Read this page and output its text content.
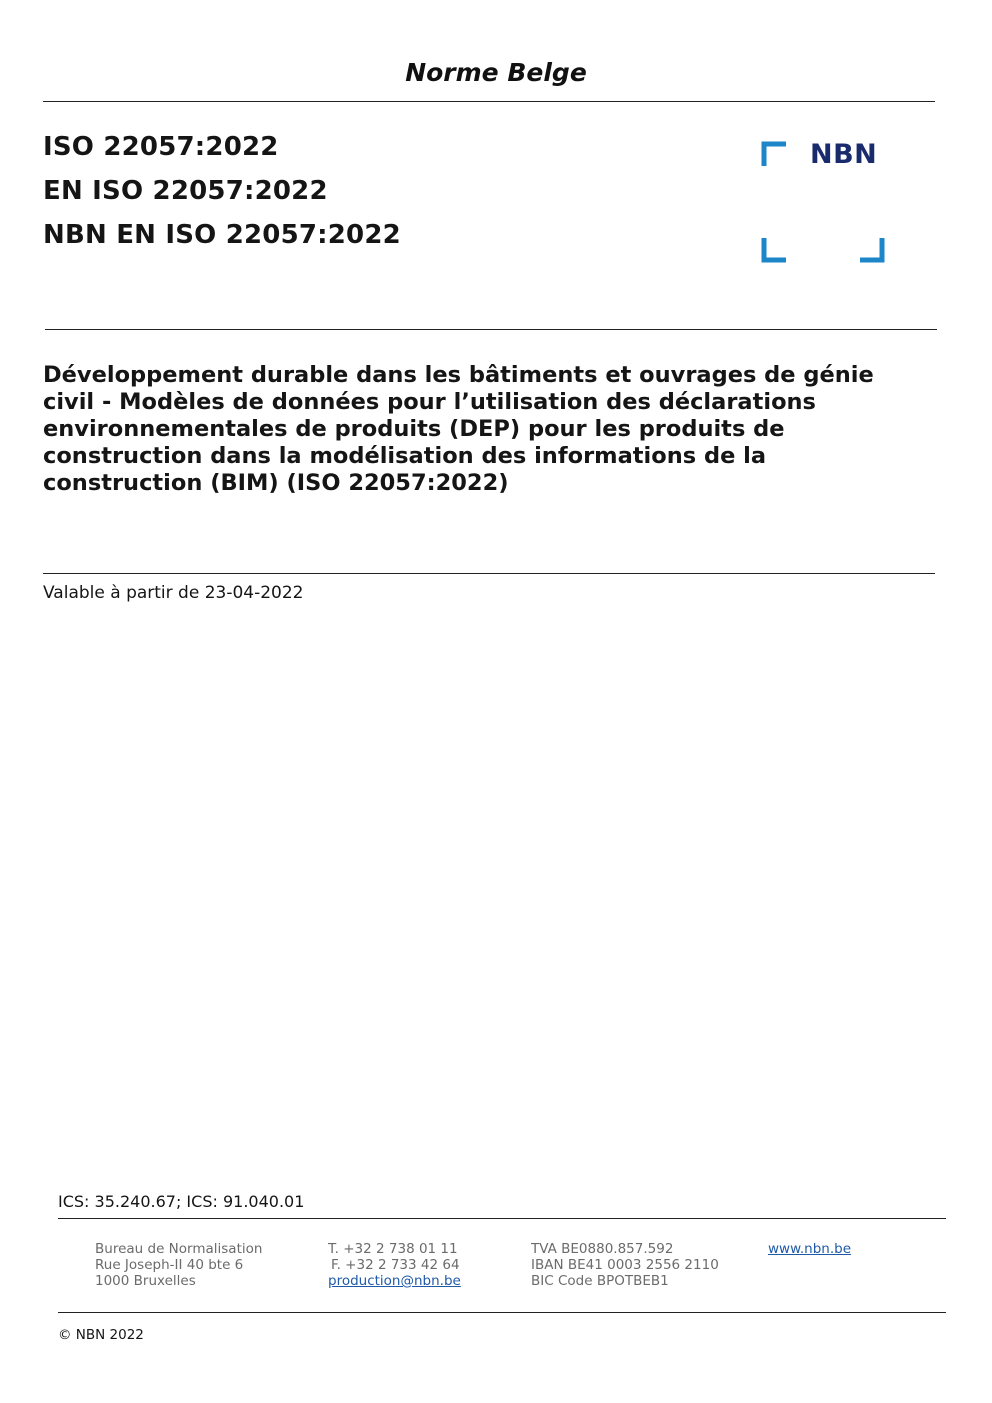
Norme Belge
ISO 22057:2022
EN ISO 22057:2022
NBN EN ISO 22057:2022
NBN
Développement durable dans les bâtiments et ouvrages de génie civil - Modèles de données pour l’utilisation des déclarations environnementales de produits (DEP) pour les produits de construction dans la modélisation des informations de la construction (BIM) (ISO 22057:2022)
Valable à partir de 23-04-2022
ICS: 35.240.67; ICS: 91.040.01
Bureau de Normalisation
Rue Joseph-II 40 bte 6
1000 Bruxelles
T. +32 2 738 01 11
F. +32 2 733 42 64
production@nbn.be
TVA BE0880.857.592
IBAN BE41 0003 2556 2110
BIC Code BPOTBEB1
www.nbn.be
© NBN 2022
